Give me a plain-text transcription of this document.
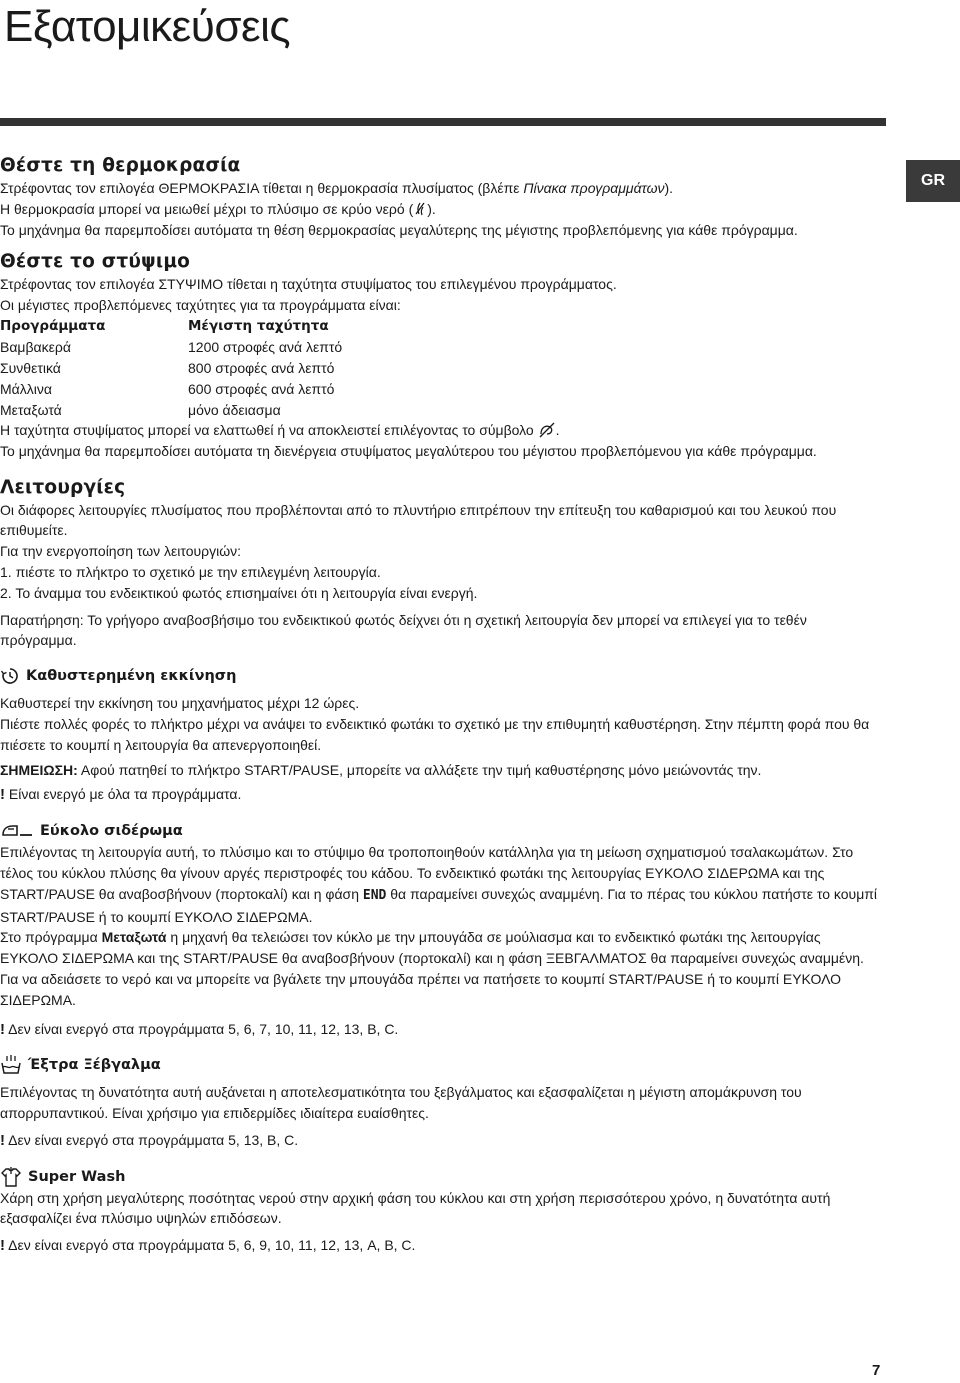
Εξατομικεύσεις
GR
Θέστε τη θερμοκρασία

Στρέφοντας τον επιλογέα ΘΕΡΜΟΚΡΑΣΙΑ τίθεται η θερμοκρασία πλυσίματος (βλέπε Πίνακα προγραμμάτων).

Η θερμοκρασία μπορεί να μειωθεί μέχρι το πλύσιμο σε κρύο νερό ( ).

Το μηχάνημα θα παρεμποδίσει αυτόματα τη θέση θερμοκρασίας μεγαλύτερης της μέγιστης προβλεπόμενης για κάθε πρόγραμμα.

Θέστε το στύψιμο

Στρέφοντας τον επιλογέα ΣΤΥΨΙΜΟ τίθεται η ταχύτητα στυψίματος του επιλεγμένου προγράμματος.

Οι μέγιστες προβλεπόμενες ταχύτητες για τα προγράμματα είναι:

Προγράμματα	Μέγιστη ταχύτητα
Βαμβακερά	1200 στροφές ανά λεπτό
Συνθετικά	800 στροφές ανά λεπτό
Μάλλινα	600 στροφές ανά λεπτό
Μεταξωτά	μόνο άδειασμα

Η ταχύτητα στυψίματος μπορεί να ελαττωθεί ή να αποκλειστεί επιλέγοντας το σύμβολο .

Το μηχάνημα θα παρεμποδίσει αυτόματα τη διενέργεια στυψίματος μεγαλύτερου του μέγιστου προβλεπόμενου για κάθε πρόγραμμα.

Λειτουργίες

Οι διάφορες λειτουργίες πλυσίματος που προβλέπονται από το πλυντήριο επιτρέπουν την επίτευξη του καθαρισμού και του λευκού που επιθυμείτε.

Για την ενεργοποίηση των λειτουργιών:

1. πιέστε το πλήκτρο το σχετικό με την επιλεγμένη λειτουργία.

2. Το άναμμα του ενδεικτικού φωτός επισημαίνει ότι η λειτουργία είναι ενεργή.

Παρατήρηση: Το γρήγορο αναβοσβήσιμο του ενδεικτικού φωτός δείχνει ότι η σχετική λειτουργία δεν μπορεί να επιλεγεί για το τεθέν πρόγραμμα.

Καθυστερημένη εκκίνηση

Καθυστερεί την εκκίνηση του μηχανήματος μέχρι 12 ώρες.

Πιέστε πολλές φορές το πλήκτρο μέχρι να ανάψει το ενδεικτικό φωτάκι το σχετικό με την επιθυμητή καθυστέρηση. Στην πέμπτη φορά που θα πιέσετε το κουμπί η λειτουργία θα απενεργοποιηθεί.

ΣΗΜΕΙΩΣΗ: Αφού πατηθεί το πλήκτρο START/PAUSE, μπορείτε να αλλάξετε την τιμή καθυστέρησης μόνο μειώνοντάς την.

! Είναι ενεργό με όλα τα προγράμματα.

Εύκολο σιδέρωμα

Επιλέγοντας τη λειτουργία αυτή, το πλύσιμο και το στύψιμο θα τροποποιηθούν κατάλληλα για τη μείωση σχηματισμού τσαλακωμάτων. Στο τέλος του κύκλου πλύσης θα γίνουν αργές περιστροφές του κάδου. Το ενδεικτικό φωτάκι της λειτουργίας ΕΥΚΟΛΟ ΣΙΔΕΡΩΜΑ και της START/PAUSE θα αναβοσβήνουν (πορτοκαλί) και η φάση END θα παραμείνει συνεχώς αναμμένη. Για το πέρας του κύκλου πατήστε το κουμπί START/PAUSE ή το κουμπί ΕΥΚΟΛΟ ΣΙΔΕΡΩΜΑ.

Στο πρόγραμμα Μεταξωτά η μηχανή θα τελειώσει τον κύκλο με την μπουγάδα σε μούλιασμα και το ενδεικτικό φωτάκι της λειτουργίας ΕΥΚΟΛΟ ΣΙΔΕΡΩΜΑ και της START/PAUSE θα αναβοσβήνουν (πορτοκαλί) και η φάση ΞΕΒΓΑΛΜΑΤΟΣ θα παραμείνει συνεχώς αναμμένη. Για να αδειάσετε το νερό και να μπορείτε να βγάλετε την μπουγάδα πρέπει να πατήσετε το κουμπί START/PAUSE ή το κουμπί ΕΥΚΟΛΟ ΣΙΔΕΡΩΜΑ.

! Δεν είναι ενεργό στα προγράμματα 5, 6, 7, 10, 11, 12, 13, B, C.

Έξτρα Ξέβγαλμα

Επιλέγοντας τη δυνατότητα αυτή αυξάνεται η αποτελεσματικότητα του ξεβγάλματος και εξασφαλίζεται η μέγιστη απομάκρυνση του απορρυπαντικού. Είναι χρήσιμο για επιδερμίδες ιδιαίτερα ευαίσθητες.

! Δεν είναι ενεργό στα προγράμματα 5, 13, B, C.

Super Wash

Χάρη στη χρήση μεγαλύτερης ποσότητας νερού στην αρχική φάση του κύκλου και στη χρήση περισσότερου χρόνο, η δυνατότητα αυτή εξασφαλίζει ένα πλύσιμο υψηλών επιδόσεων.

! Δεν είναι ενεργό στα προγράμματα 5, 6, 9, 10, 11, 12, 13, A, B, C.

7
